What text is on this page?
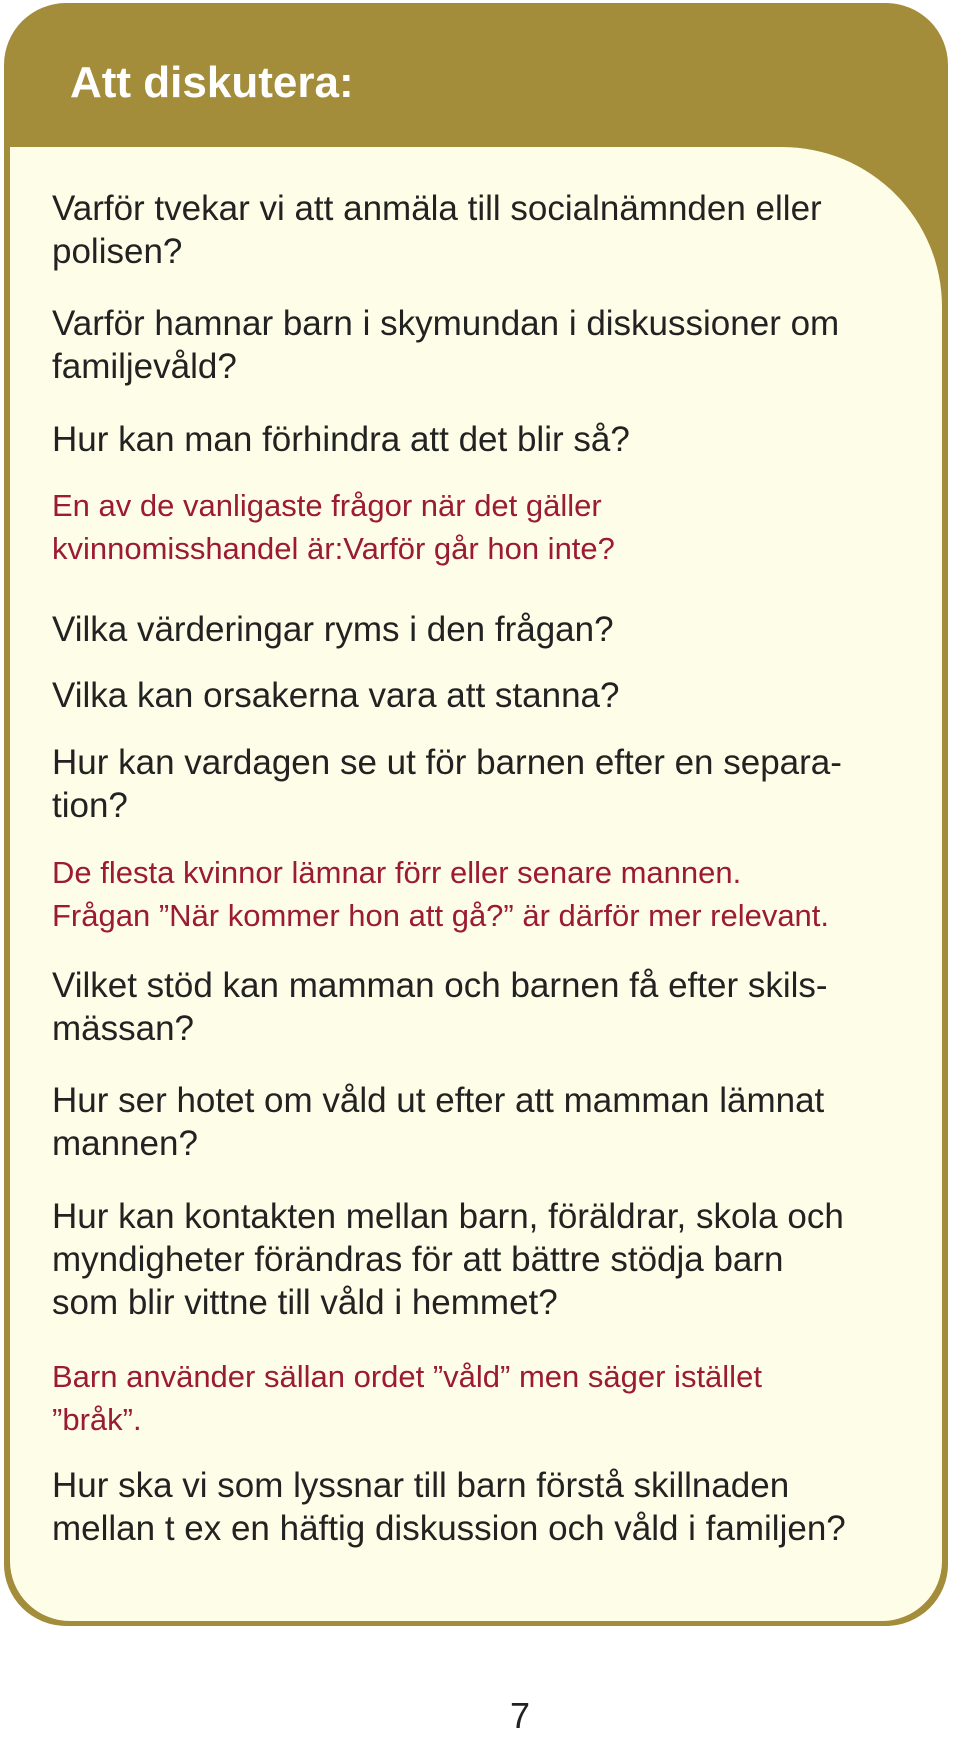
Att diskutera:

Varför tvekar vi att anmäla till socialnämnden eller
polisen?

Varför hamnar barn i skymundan i diskussioner om
familjevåld?

Hur kan man förhindra att det blir så?

En av de vanligaste frågor när det gäller
kvinnomisshandel är:Varför går hon inte?

Vilka värderingar ryms i den frågan?

Vilka kan orsakerna vara att stanna?

Hur kan vardagen se ut för barnen efter en separa-
tion?

De flesta kvinnor lämnar förr eller senare mannen.
Frågan ”När kommer hon att gå?” är därför mer relevant.

Vilket stöd kan mamman och barnen få efter skils-
mässan?

Hur ser hotet om våld ut efter att mamman lämnat
mannen?

Hur kan kontakten mellan barn, föräldrar, skola och
myndigheter förändras för att bättre stödja barn
som blir vittne till våld i hemmet?

Barn använder sällan ordet ”våld” men säger istället
”bråk”.

Hur ska vi som lyssnar till barn förstå skillnaden
mellan t ex en häftig diskussion och våld i familjen?

7
